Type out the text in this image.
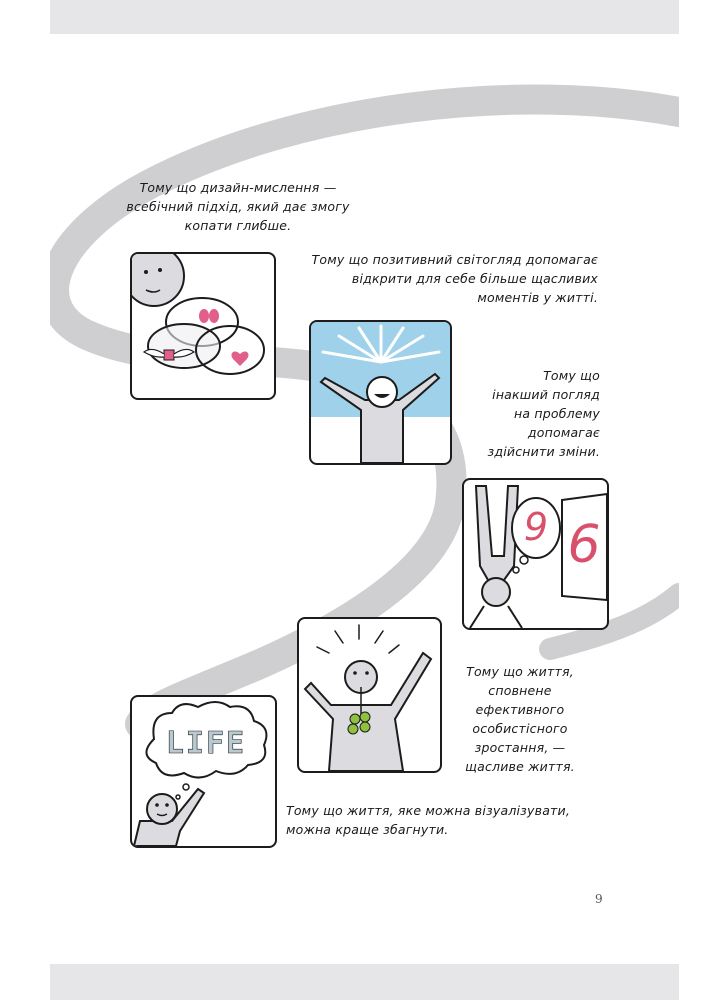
Тому що дизайн-мислення —
всебічний підхід, який дає змогу
копати глибше.

Тому що позитивний світогляд допомагає
відкрити для себе більше щасливих
моментів у житті.

Тому що
інакший погляд
на проблему
допомагає
здійснити зміни.

9 6

Тому що життя,
сповнене ефективного
особистісного
зростання, —
щасливе життя.

LIFE

Тому що життя, яке можна візуалізувати,
можна краще збагнути.

9
